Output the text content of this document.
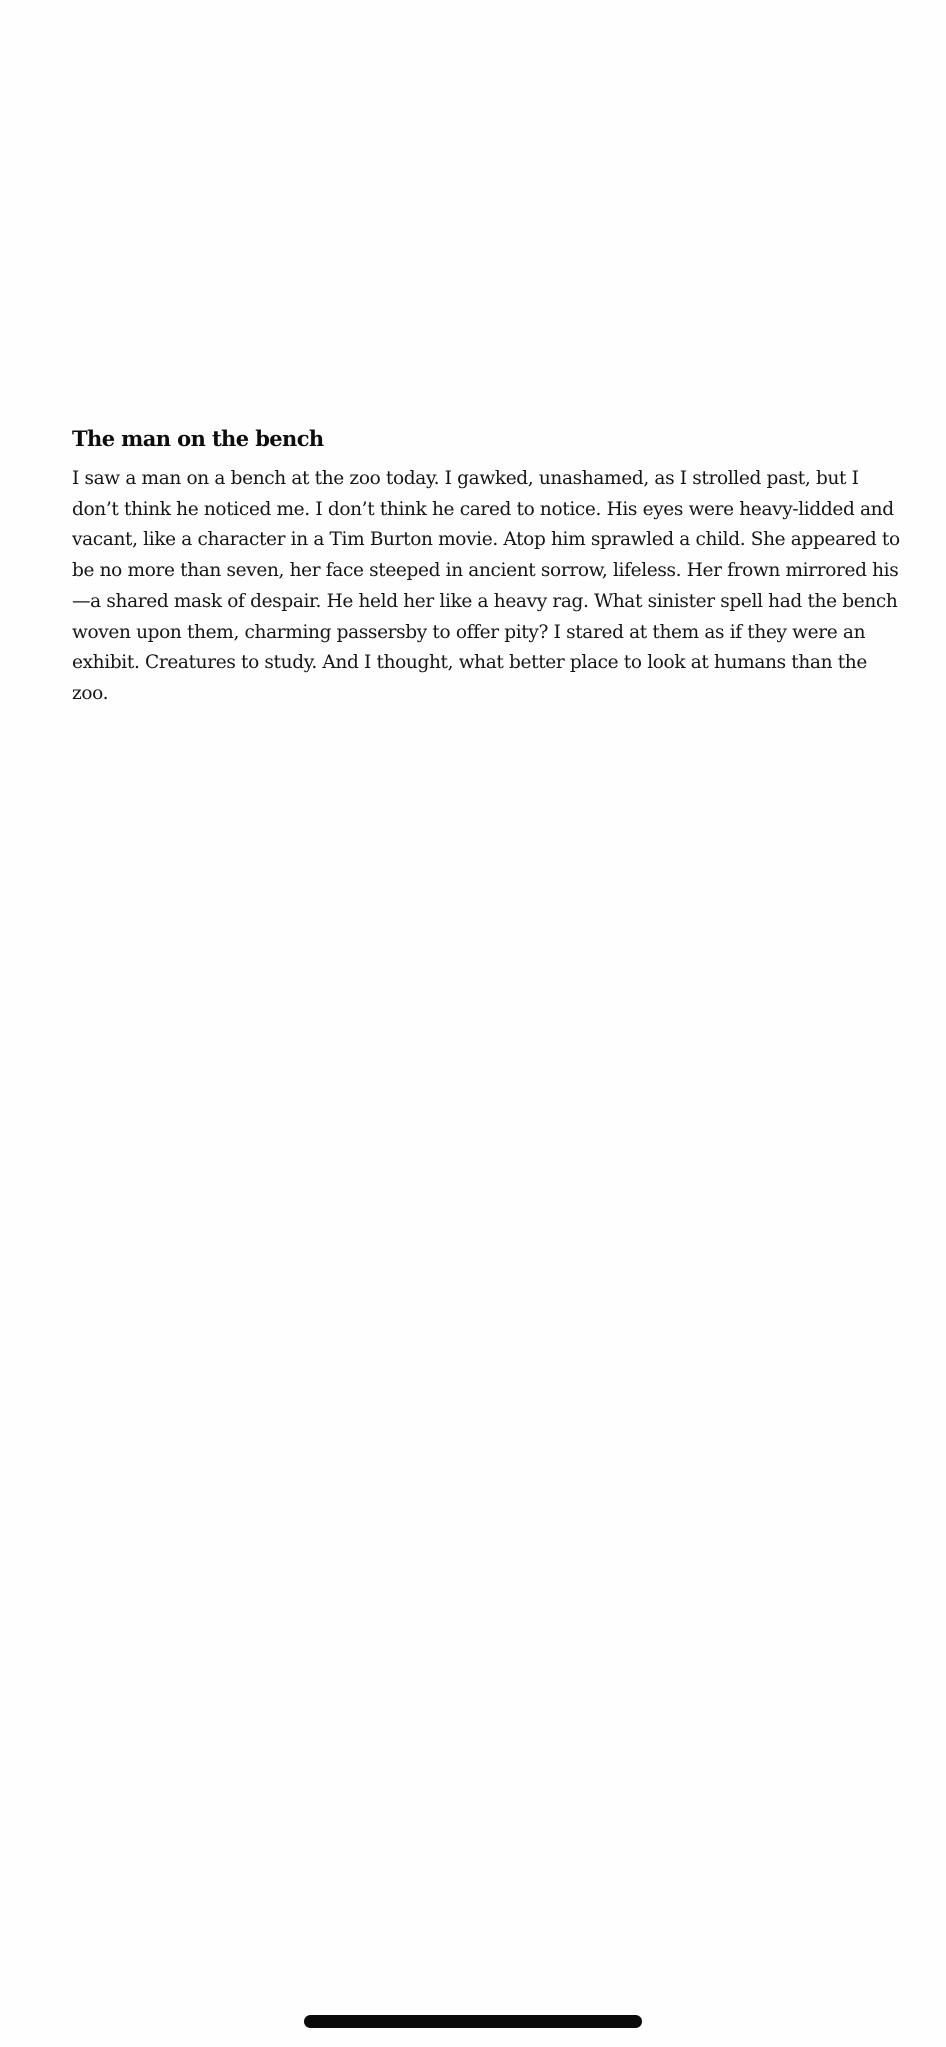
The man on the bench

I saw a man on a bench at the zoo today. I gawked, unashamed, as I strolled past, but I don’t think he noticed me. I don’t think he cared to notice. His eyes were heavy-lidded and vacant, like a character in a Tim Burton movie. Atop him sprawled a child. She appeared to be no more than seven, her face steeped in ancient sorrow, lifeless. Her frown mirrored his—a shared mask of despair. He held her like a heavy rag. What sinister spell had the bench woven upon them, charming passersby to offer pity? I stared at them as if they were an exhibit. Creatures to study. And I thought, what better place to look at humans than the zoo.
